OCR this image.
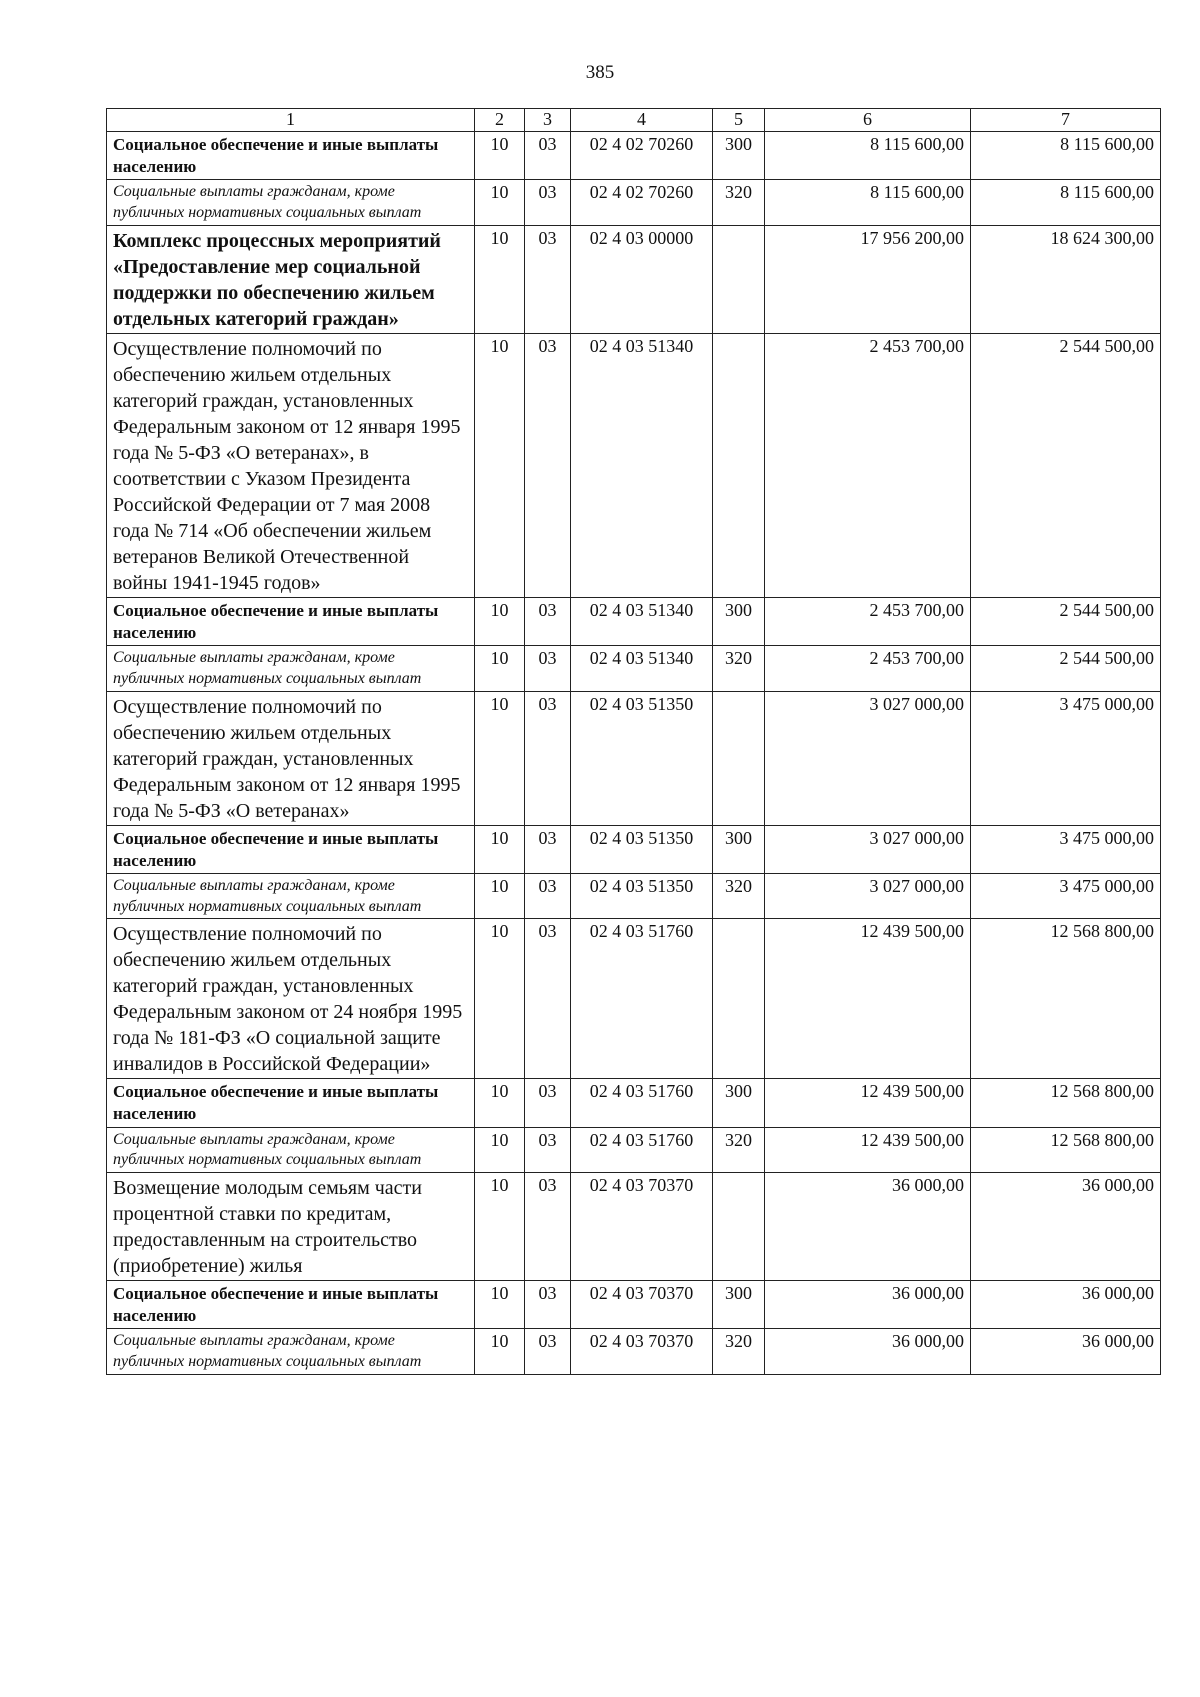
385
1	2	3	4	5	6	7
Социальное обеспечение и иные выплаты населению	10	03	02 4 02 70260	300	8 115 600,00	8 115 600,00
Социальные выплаты гражданам, кроме публичных нормативных социальных выплат	10	03	02 4 02 70260	320	8 115 600,00	8 115 600,00
Комплекс процессных мероприятий «Предоставление мер социальной поддержки по обеспечению жильем отдельных категорий граждан»	10	03	02 4 03 00000		17 956 200,00	18 624 300,00
Осуществление полномочий по обеспечению жильем отдельных категорий граждан, установленных Федеральным законом от 12 января 1995 года № 5-ФЗ «О ветеранах», в соответствии с Указом Президента Российской Федерации от 7 мая 2008 года № 714 «Об обеспечении жильем ветеранов Великой Отечественной войны 1941-1945 годов»	10	03	02 4 03 51340		2 453 700,00	2 544 500,00
Социальное обеспечение и иные выплаты населению	10	03	02 4 03 51340	300	2 453 700,00	2 544 500,00
Социальные выплаты гражданам, кроме публичных нормативных социальных выплат	10	03	02 4 03 51340	320	2 453 700,00	2 544 500,00
Осуществление полномочий по обеспечению жильем отдельных категорий граждан, установленных Федеральным законом от 12 января 1995 года № 5-ФЗ «О ветеранах»	10	03	02 4 03 51350		3 027 000,00	3 475 000,00
Социальное обеспечение и иные выплаты населению	10	03	02 4 03 51350	300	3 027 000,00	3 475 000,00
Социальные выплаты гражданам, кроме публичных нормативных социальных выплат	10	03	02 4 03 51350	320	3 027 000,00	3 475 000,00
Осуществление полномочий по обеспечению жильем отдельных категорий граждан, установленных Федеральным законом от 24 ноября 1995 года № 181-ФЗ «О социальной защите инвалидов в Российской Федерации»	10	03	02 4 03 51760		12 439 500,00	12 568 800,00
Социальное обеспечение и иные выплаты населению	10	03	02 4 03 51760	300	12 439 500,00	12 568 800,00
Социальные выплаты гражданам, кроме публичных нормативных социальных выплат	10	03	02 4 03 51760	320	12 439 500,00	12 568 800,00
Возмещение молодым семьям части процентной ставки по кредитам, предоставленным на строительство (приобретение) жилья	10	03	02 4 03 70370		36 000,00	36 000,00
Социальное обеспечение и иные выплаты населению	10	03	02 4 03 70370	300	36 000,00	36 000,00
Социальные выплаты гражданам, кроме публичных нормативных социальных выплат	10	03	02 4 03 70370	320	36 000,00	36 000,00
